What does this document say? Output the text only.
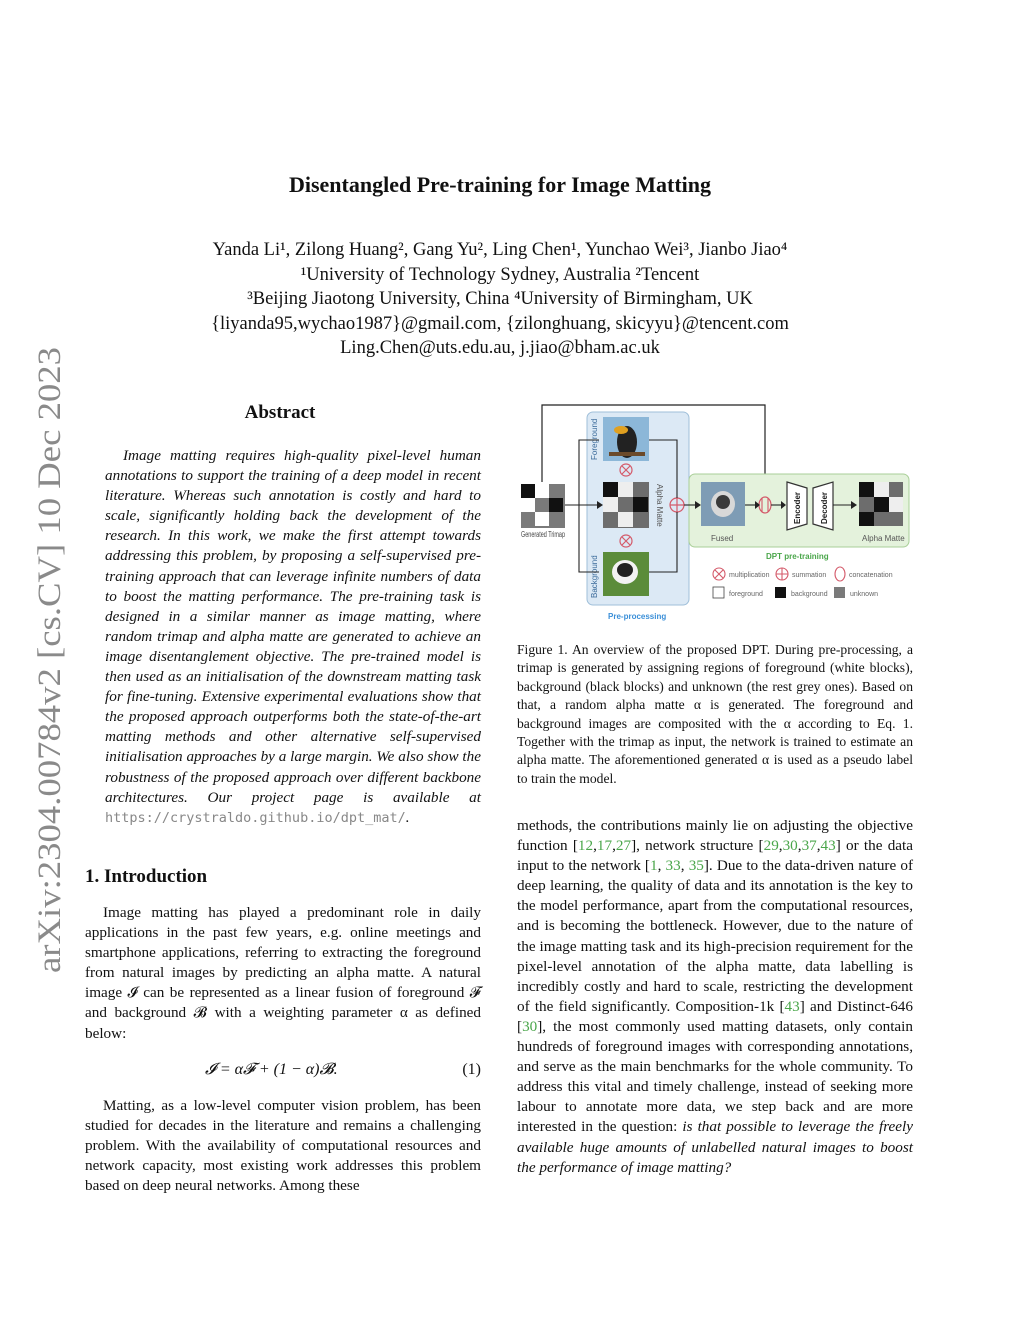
arXiv:2304.00784v2 [cs.CV] 10 Dec 2023
Disentangled Pre-training for Image Matting
Yanda Li¹, Zilong Huang², Gang Yu², Ling Chen¹, Yunchao Wei³, Jianbo Jiao⁴
¹University of Technology Sydney, Australia ²Tencent
³Beijing Jiaotong University, China ⁴University of Birmingham, UK
{liyanda95,wychao1987}@gmail.com, {zilonghuang, skicyyu}@tencent.com
Ling.Chen@uts.edu.au, j.jiao@bham.ac.uk
Abstract
Image matting requires high-quality pixel-level human annotations to support the training of a deep model in recent literature. Whereas such annotation is costly and hard to scale, significantly holding back the development of the research. In this work, we make the first attempt towards addressing this problem, by proposing a self-supervised pre-training approach that can leverage infinite numbers of data to boost the matting performance. The pre-training task is designed in a similar manner as image matting, where random trimap and alpha matte are generated to achieve an image disentanglement objective. The pre-trained model is then used as an initialisation of the downstream matting task for fine-tuning. Extensive experimental evaluations show that the proposed approach outperforms both the state-of-the-art matting methods and other alternative self-supervised initialisation approaches by a large margin. We also show the robustness of the proposed approach over different backbone architectures. Our project page is available at https://crystraldo.github.io/dpt_mat/.
1. Introduction
Image matting has played a predominant role in daily applications in the past few years, e.g. online meetings and smartphone applications, referring to extracting the foreground from natural images by predicting an alpha matte. A natural image 𝓘 can be represented as a linear fusion of foreground 𝓕 and background 𝓑 with a weighting parameter α as defined below:
𝓘 = α𝓕 + (1 − α)𝓑.	(1)
Matting, as a low-level computer vision problem, has been studied for decades in the literature and remains a challenging problem. With the availability of computational resources and network capacity, most existing work addresses this problem based on deep neural networks. Among these
Generated Trimap
Foreground
Alpha Matte
Background
Fused
Encoder Decoder
Alpha Matte
DPT pre-training
Pre-processing
multiplication	summation	concatenation
foreground	background	unknown
Figure 1. An overview of the proposed DPT. During pre-processing, a trimap is generated by assigning regions of foreground (white blocks), background (black blocks) and unknown (the rest grey ones). Based on that, a random alpha matte α is generated. The foreground and background images are composited with the α according to Eq. 1. Together with the trimap as input, the network is trained to estimate an alpha matte. The aforementioned generated α is used as a pseudo label to train the model.
methods, the contributions mainly lie on adjusting the objective function [12,17,27], network structure [29,30,37,43] or the data input to the network [1, 33, 35]. Due to the data-driven nature of deep learning, the quality of data and its annotation is the key to the model performance, apart from the computational resources, and is becoming the bottleneck. However, due to the nature of the image matting task and its high-precision requirement for the pixel-level annotation of the alpha matte, data labelling is incredibly costly and hard to scale, restricting the development of the field significantly. Composition-1k [43] and Distinct-646 [30], the most commonly used matting datasets, only contain hundreds of foreground images with corresponding annotations, and serve as the main benchmarks for the whole community. To address this vital and timely challenge, instead of seeking more labour to annotate more data, we step back and are more interested in the question: is that possible to leverage the freely available huge amounts of unlabelled natural images to boost the performance of image matting?
